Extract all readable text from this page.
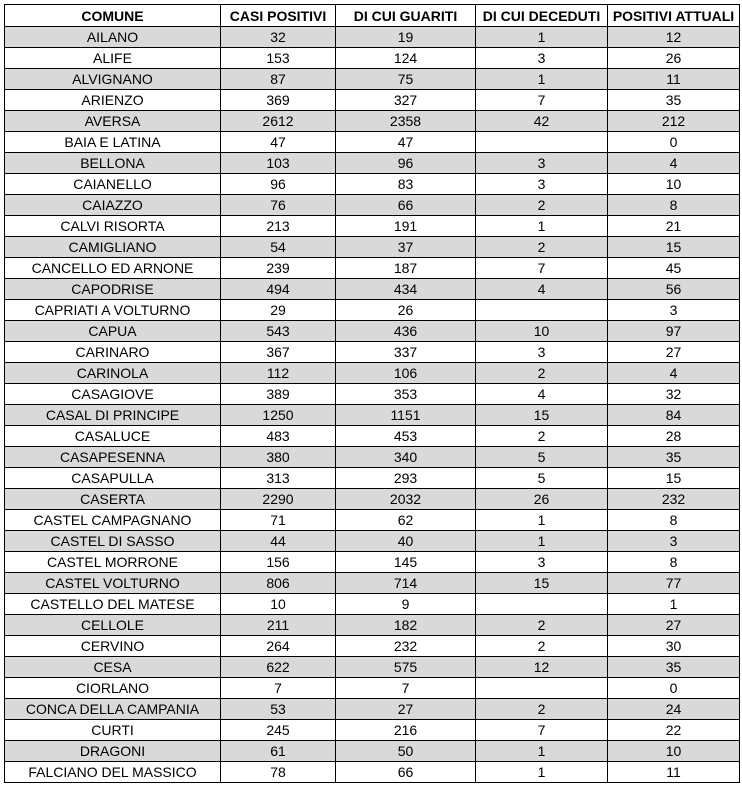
COMUNE	CASI POSITIVI	DI CUI GUARITI	DI CUI DECEDUTI	POSITIVI ATTUALI
AILANO	32	19	1	12
ALIFE	153	124	3	26
ALVIGNANO	87	75	1	11
ARIENZO	369	327	7	35
AVERSA	2612	2358	42	212
BAIA E LATINA	47	47		0
BELLONA	103	96	3	4
CAIANELLO	96	83	3	10
CAIAZZO	76	66	2	8
CALVI RISORTA	213	191	1	21
CAMIGLIANO	54	37	2	15
CANCELLO ED ARNONE	239	187	7	45
CAPODRISE	494	434	4	56
CAPRIATI A VOLTURNO	29	26		3
CAPUA	543	436	10	97
CARINARO	367	337	3	27
CARINOLA	112	106	2	4
CASAGIOVE	389	353	4	32
CASAL DI PRINCIPE	1250	1151	15	84
CASALUCE	483	453	2	28
CASAPESENNA	380	340	5	35
CASAPULLA	313	293	5	15
CASERTA	2290	2032	26	232
CASTEL CAMPAGNANO	71	62	1	8
CASTEL DI SASSO	44	40	1	3
CASTEL MORRONE	156	145	3	8
CASTEL VOLTURNO	806	714	15	77
CASTELLO DEL MATESE	10	9		1
CELLOLE	211	182	2	27
CERVINO	264	232	2	30
CESA	622	575	12	35
CIORLANO	7	7		0
CONCA DELLA CAMPANIA	53	27	2	24
CURTI	245	216	7	22
DRAGONI	61	50	1	10
FALCIANO DEL MASSICO	78	66	1	11
